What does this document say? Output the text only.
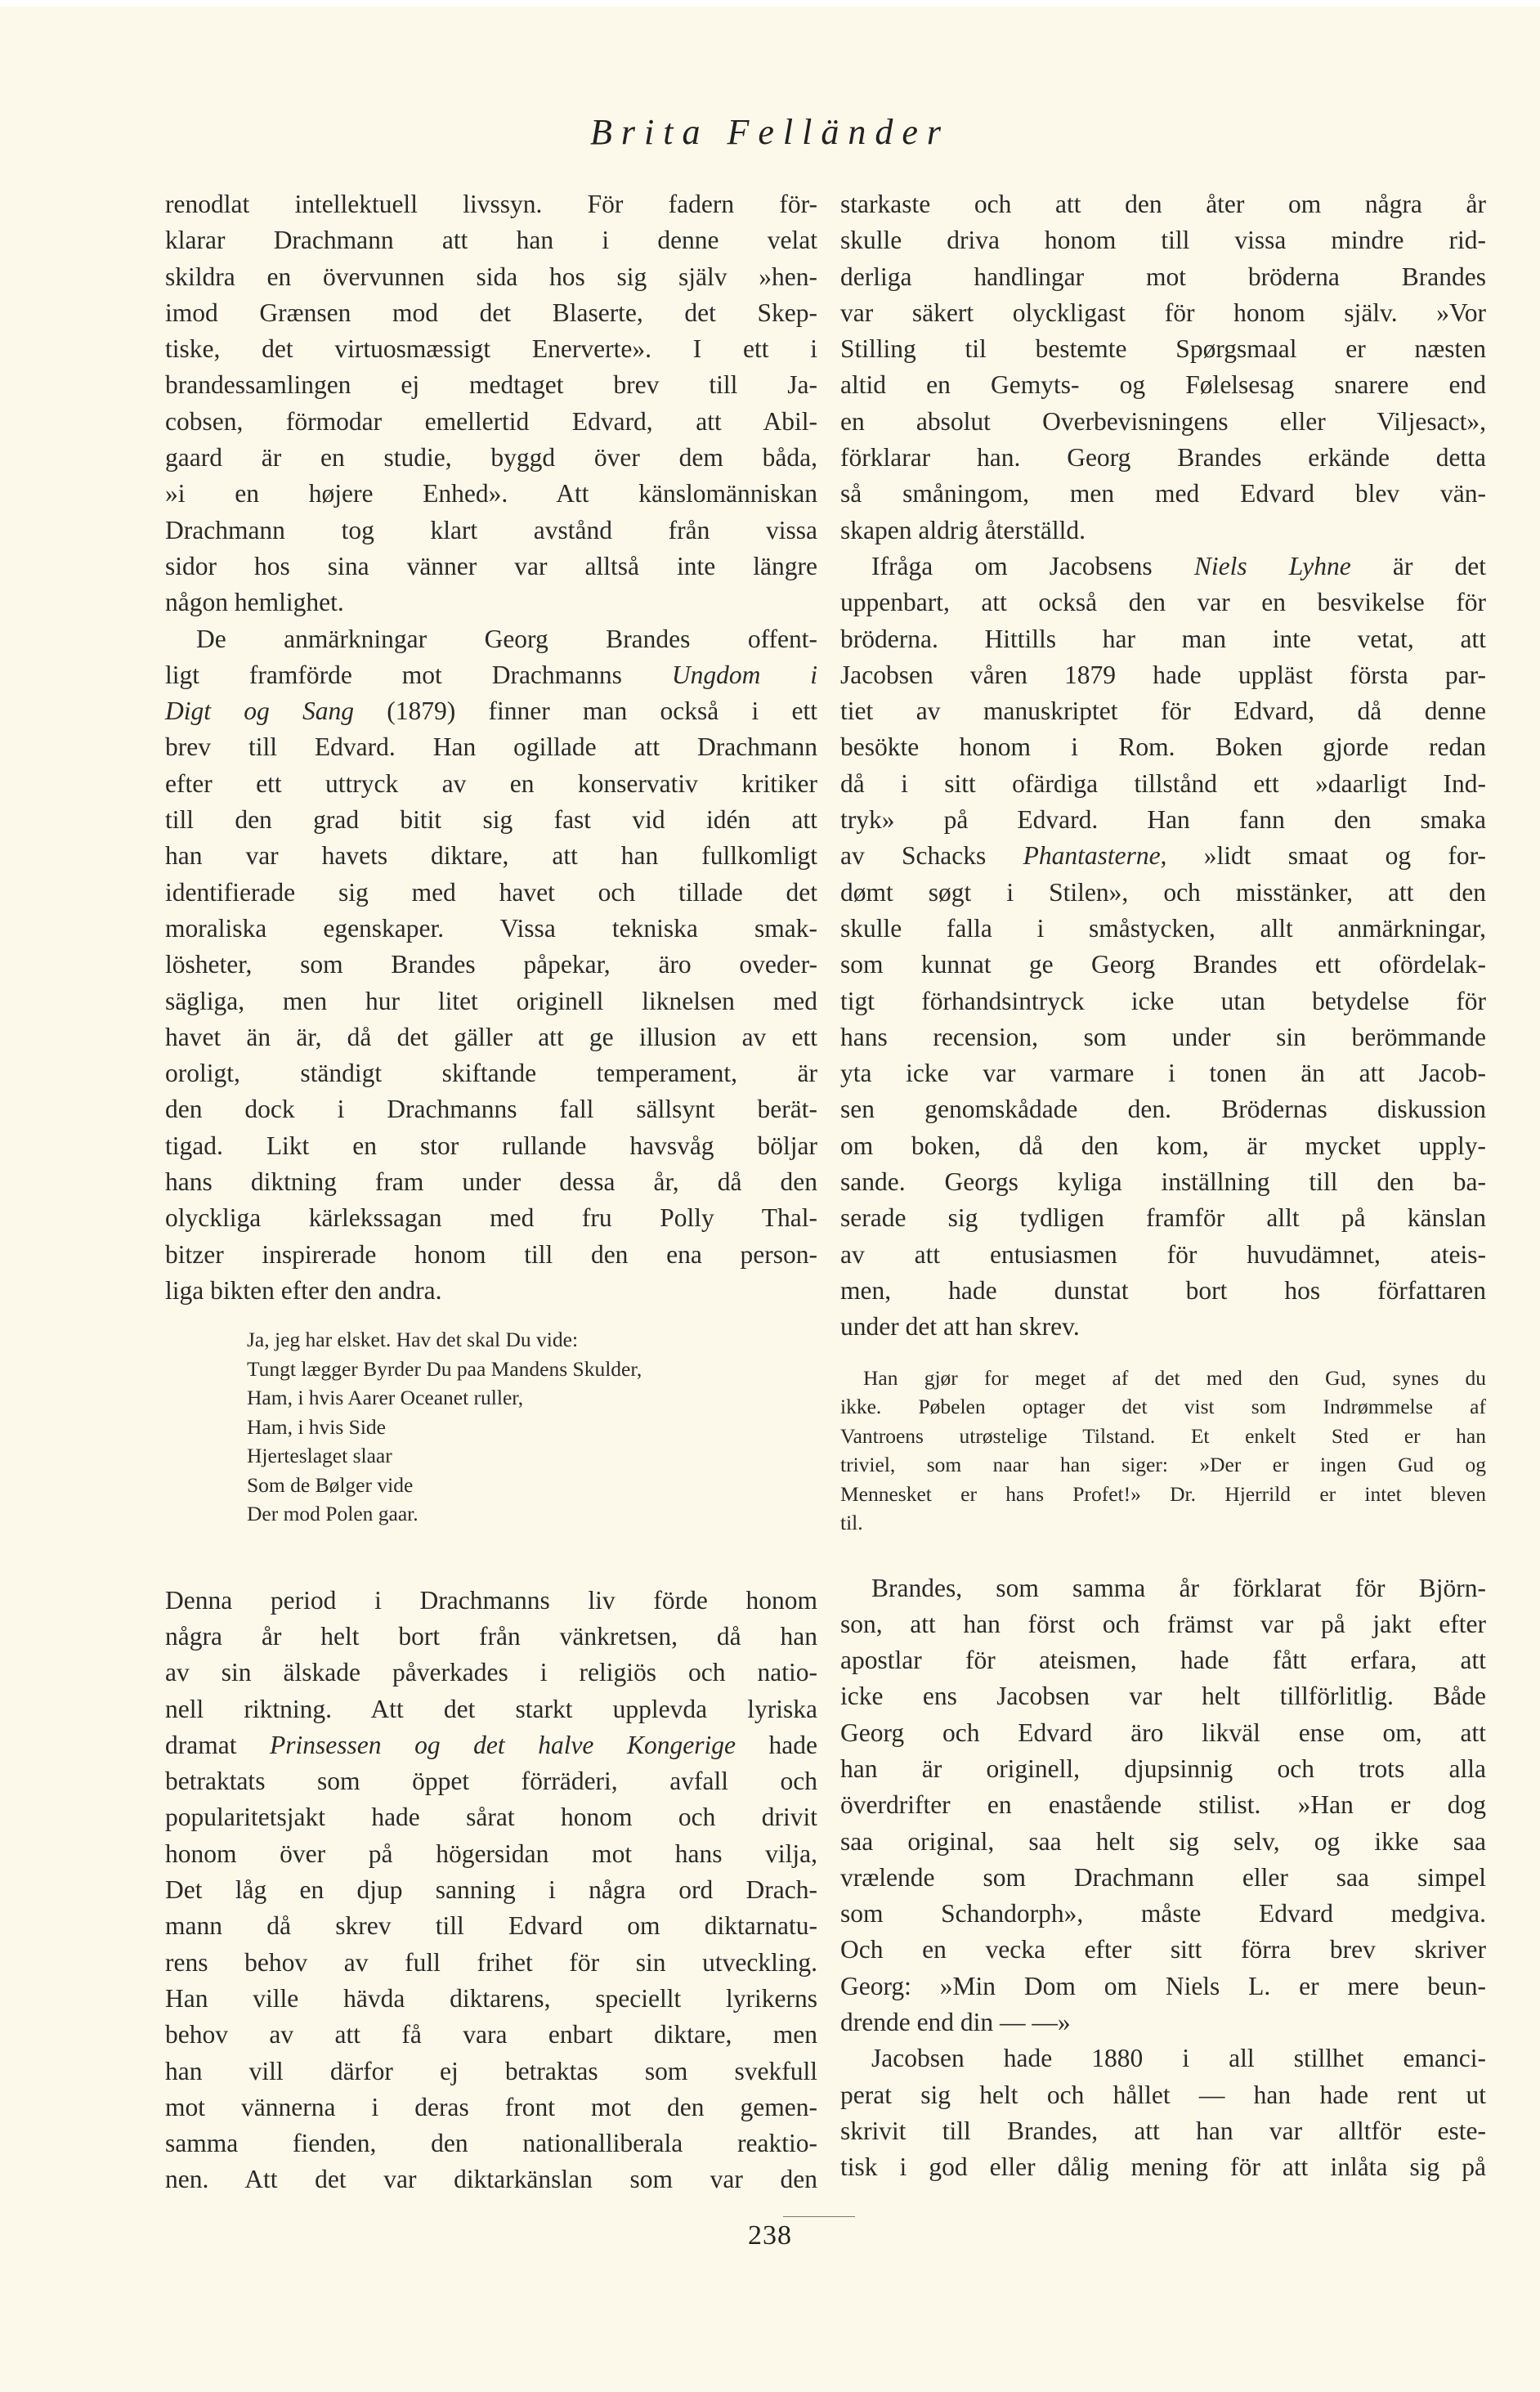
Brita Felländer
renodlat intellektuell livssyn. För fadern för-
klarar Drachmann att han i denne velat
skildra en övervunnen sida hos sig själv »hen-
imod Grænsen mod det Blaserte, det Skep-
tiske, det virtuosmæssigt Enerverte». I ett i
brandessamlingen ej medtaget brev till Ja-
cobsen, förmodar emellertid Edvard, att Abil-
gaard är en studie, byggd över dem båda,
»i en højere Enhed». Att känslomänniskan
Drachmann tog klart avstånd från vissa
sidor hos sina vänner var alltså inte längre
någon hemlighet.
De anmärkningar Georg Brandes offent-
ligt framförde mot Drachmanns Ungdom i
Digt og Sang (1879) finner man också i ett
brev till Edvard. Han ogillade att Drachmann
efter ett uttryck av en konservativ kritiker
till den grad bitit sig fast vid idén att
han var havets diktare, att han fullkomligt
identifierade sig med havet och tillade det
moraliska egenskaper. Vissa tekniska smak-
lösheter, som Brandes påpekar, äro oveder-
sägliga, men hur litet originell liknelsen med
havet än är, då det gäller att ge illusion av ett
oroligt, ständigt skiftande temperament, är
den dock i Drachmanns fall sällsynt berät-
tigad. Likt en stor rullande havsvåg böljar
hans diktning fram under dessa år, då den
olyckliga kärlekssagan med fru Polly Thal-
bitzer inspirerade honom till den ena person-
liga bikten efter den andra.
Ja, jeg har elsket. Hav det skal Du vide:
Tungt lægger Byrder Du paa Mandens Skulder,
Ham, i hvis Aarer Oceanet ruller,
Ham, i hvis Side
Hjerteslaget slaar
Som de Bølger vide
Der mod Polen gaar.
Denna period i Drachmanns liv förde honom
några år helt bort från vänkretsen, då han
av sin älskade påverkades i religiös och natio-
nell riktning. Att det starkt upplevda lyriska
dramat Prinsessen og det halve Kongerige hade
betraktats som öppet förräderi, avfall och
popularitetsjakt hade sårat honom och drivit
honom över på högersidan mot hans vilja,
Det låg en djup sanning i några ord Drach-
mann då skrev till Edvard om diktarnatu-
rens behov av full frihet för sin utveckling.
Han ville hävda diktarens, speciellt lyrikerns
behov av att få vara enbart diktare, men
han vill därfor ej betraktas som svekfull
mot vännerna i deras front mot den gemen-
samma fienden, den nationalliberala reaktio-
nen. Att det var diktarkänslan som var den
starkaste och att den åter om några år
skulle driva honom till vissa mindre rid-
derliga handlingar mot bröderna Brandes
var säkert olyckligast för honom själv. »Vor
Stilling til bestemte Spørgsmaal er næsten
altid en Gemyts- og Følelsesag snarere end
en absolut Overbevisningens eller Viljesact»,
förklarar han. Georg Brandes erkände detta
så småningom, men med Edvard blev vän-
skapen aldrig återställd.
Ifråga om Jacobsens Niels Lyhne är det
uppenbart, att också den var en besvikelse för
bröderna. Hittills har man inte vetat, att
Jacobsen våren 1879 hade uppläst första par-
tiet av manuskriptet för Edvard, då denne
besökte honom i Rom. Boken gjorde redan
då i sitt ofärdiga tillstånd ett »daarligt Ind-
tryk» på Edvard. Han fann den smaka
av Schacks Phantasterne, »lidt smaat og for-
dømt søgt i Stilen», och misstänker, att den
skulle falla i småstycken, allt anmärkningar,
som kunnat ge Georg Brandes ett ofördelak-
tigt förhandsintryck icke utan betydelse för
hans recension, som under sin berömmande
yta icke var varmare i tonen än att Jacob-
sen genomskådade den. Brödernas diskussion
om boken, då den kom, är mycket upply-
sande. Georgs kyliga inställning till den ba-
serade sig tydligen framför allt på känslan
av att entusiasmen för huvudämnet, ateis-
men, hade dunstat bort hos författaren
under det att han skrev.
Han gjør for meget af det med den Gud, synes du
ikke. Pøbelen optager det vist som Indrømmelse af
Vantroens utrøstelige Tilstand. Et enkelt Sted er han
triviel, som naar han siger: »Der er ingen Gud og
Mennesket er hans Profet!» Dr. Hjerrild er intet bleven
til.
Brandes, som samma år förklarat för Björn-
son, att han först och främst var på jakt efter
apostlar för ateismen, hade fått erfara, att
icke ens Jacobsen var helt tillförlitlig. Både
Georg och Edvard äro likväl ense om, att
han är originell, djupsinnig och trots alla
överdrifter en enastående stilist. »Han er dog
saa original, saa helt sig selv, og ikke saa
vrælende som Drachmann eller saa simpel
som Schandorph», måste Edvard medgiva.
Och en vecka efter sitt förra brev skriver
Georg: »Min Dom om Niels L. er mere beun-
drende end din — —»
Jacobsen hade 1880 i all stillhet emanci-
perat sig helt och hållet — han hade rent ut
skrivit till Brandes, att han var alltför este-
tisk i god eller dålig mening för att inlåta sig på
238
